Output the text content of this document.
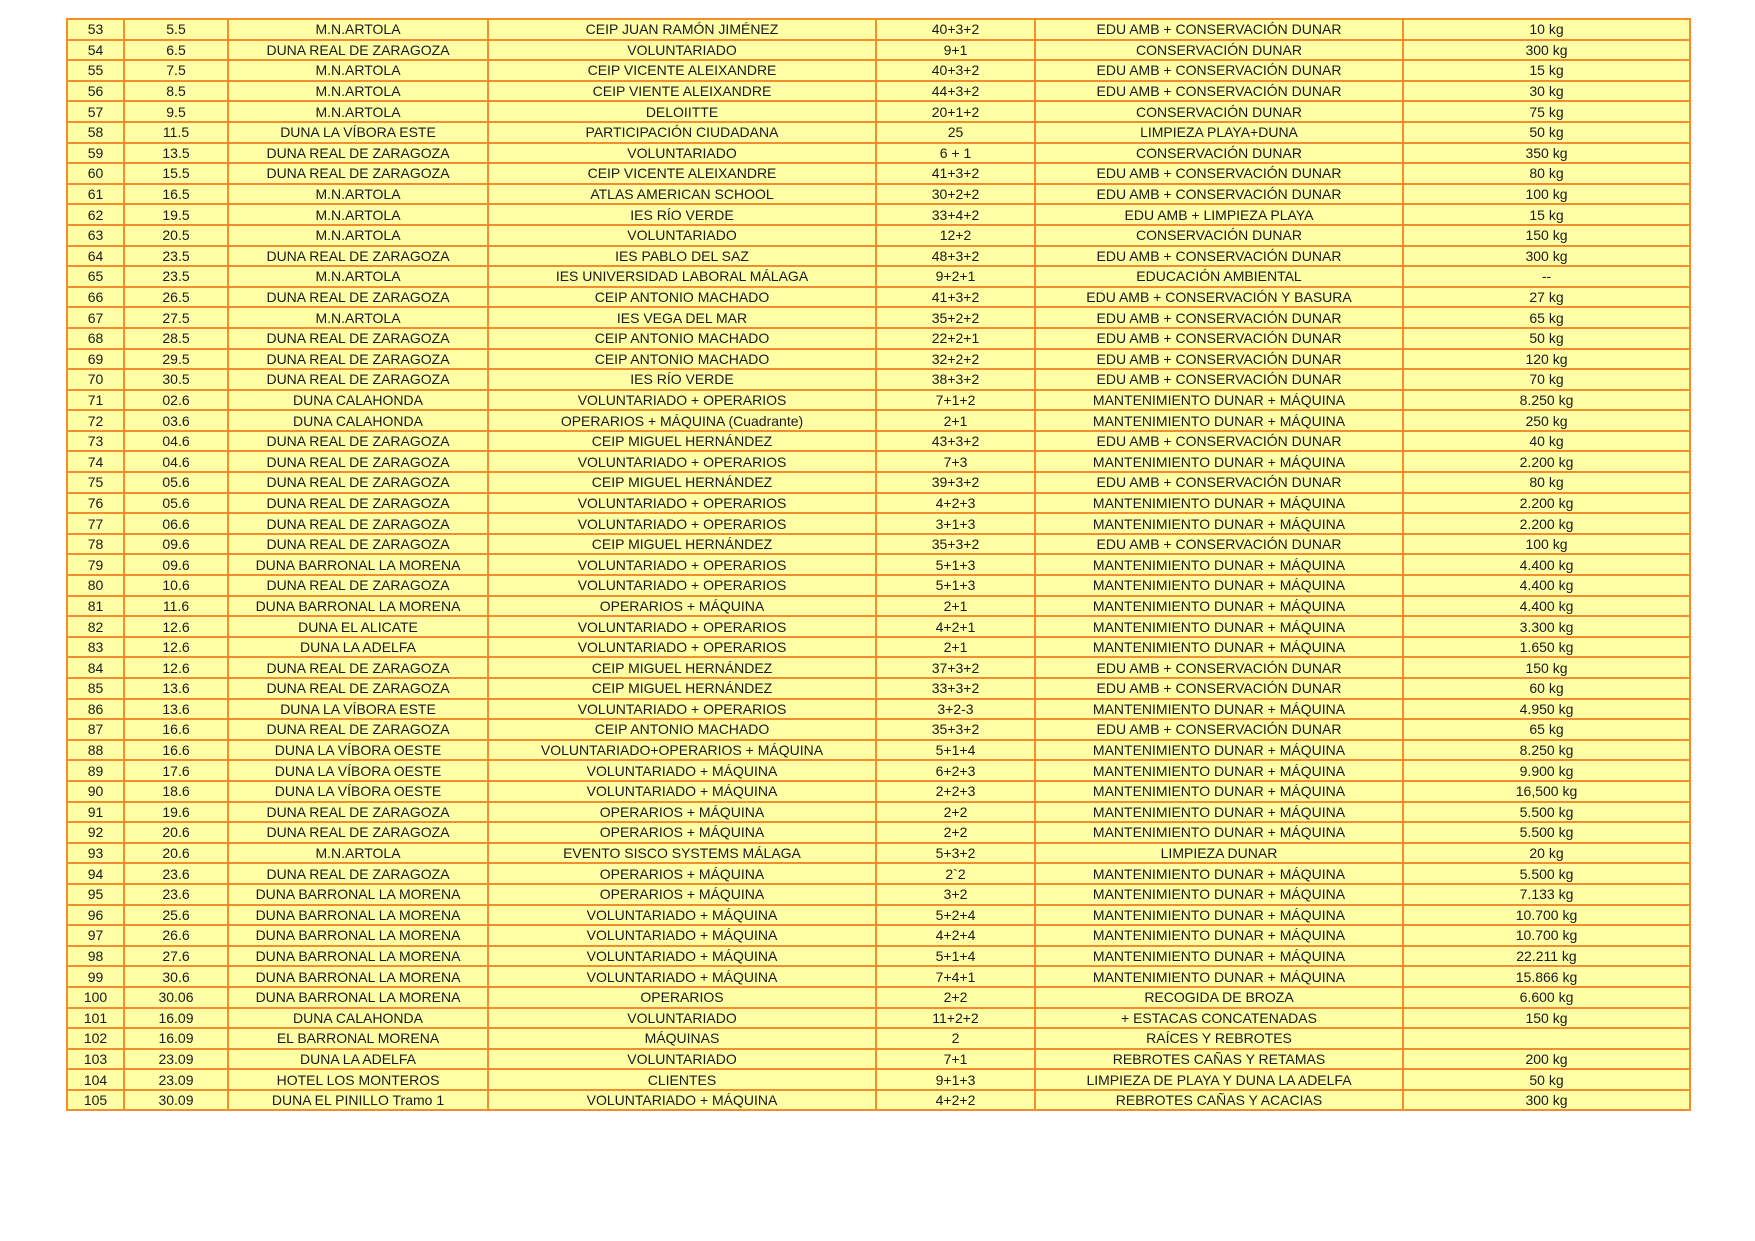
53	5.5	M.N.ARTOLA	CEIP JUAN RAMÓN JIMÉNEZ	40+3+2	EDU AMB + CONSERVACIÓN DUNAR	10 kg
54	6.5	DUNA REAL DE ZARAGOZA	VOLUNTARIADO	9+1	CONSERVACIÓN DUNAR	300 kg
55	7.5	M.N.ARTOLA	CEIP VICENTE ALEIXANDRE	40+3+2	EDU AMB + CONSERVACIÓN DUNAR	15 kg
56	8.5	M.N.ARTOLA	CEIP VIENTE ALEIXANDRE	44+3+2	EDU AMB + CONSERVACIÓN DUNAR	30 kg
57	9.5	M.N.ARTOLA	DELOIITTE	20+1+2	CONSERVACIÓN DUNAR	75 kg
58	11.5	DUNA LA VÍBORA ESTE	PARTICIPACIÓN CIUDADANA	25	LIMPIEZA PLAYA+DUNA	50 kg
59	13.5	DUNA REAL DE ZARAGOZA	VOLUNTARIADO	6 + 1	CONSERVACIÓN DUNAR	350 kg
60	15.5	DUNA REAL DE ZARAGOZA	CEIP VICENTE ALEIXANDRE	41+3+2	EDU AMB + CONSERVACIÓN DUNAR	80 kg
61	16.5	M.N.ARTOLA	ATLAS AMERICAN SCHOOL	30+2+2	EDU AMB + CONSERVACIÓN DUNAR	100 kg
62	19.5	M.N.ARTOLA	IES RÍO VERDE	33+4+2	EDU AMB + LIMPIEZA PLAYA	15 kg
63	20.5	M.N.ARTOLA	VOLUNTARIADO	12+2	CONSERVACIÓN DUNAR	150 kg
64	23.5	DUNA REAL DE ZARAGOZA	IES PABLO DEL SAZ	48+3+2	EDU AMB + CONSERVACIÓN DUNAR	300 kg
65	23.5	M.N.ARTOLA	IES UNIVERSIDAD LABORAL MÁLAGA	9+2+1	EDUCACIÓN AMBIENTAL	--
66	26.5	DUNA REAL DE ZARAGOZA	CEIP ANTONIO MACHADO	41+3+2	EDU AMB + CONSERVACIÓN Y BASURA	27 kg
67	27.5	M.N.ARTOLA	IES VEGA DEL MAR	35+2+2	EDU AMB + CONSERVACIÓN DUNAR	65 kg
68	28.5	DUNA REAL DE ZARAGOZA	CEIP ANTONIO MACHADO	22+2+1	EDU AMB + CONSERVACIÓN DUNAR	50 kg
69	29.5	DUNA REAL DE ZARAGOZA	CEIP ANTONIO MACHADO	32+2+2	EDU AMB + CONSERVACIÓN DUNAR	120 kg
70	30.5	DUNA REAL DE ZARAGOZA	IES RÍO VERDE	38+3+2	EDU AMB + CONSERVACIÓN DUNAR	70 kg
71	02.6	DUNA CALAHONDA	VOLUNTARIADO + OPERARIOS	7+1+2	MANTENIMIENTO DUNAR + MÁQUINA	8.250 kg
72	03.6	DUNA CALAHONDA	OPERARIOS + MÁQUINA (Cuadrante)	2+1	MANTENIMIENTO DUNAR + MÁQUINA	250 kg
73	04.6	DUNA REAL DE ZARAGOZA	CEIP MIGUEL HERNÁNDEZ	43+3+2	EDU AMB + CONSERVACIÓN DUNAR	40 kg
74	04.6	DUNA REAL DE ZARAGOZA	VOLUNTARIADO + OPERARIOS	7+3	MANTENIMIENTO DUNAR + MÁQUINA	2.200 kg
75	05.6	DUNA REAL DE ZARAGOZA	CEIP MIGUEL HERNÁNDEZ	39+3+2	EDU AMB + CONSERVACIÓN DUNAR	80 kg
76	05.6	DUNA REAL DE ZARAGOZA	VOLUNTARIADO + OPERARIOS	4+2+3	MANTENIMIENTO DUNAR + MÁQUINA	2.200 kg
77	06.6	DUNA REAL DE ZARAGOZA	VOLUNTARIADO + OPERARIOS	3+1+3	MANTENIMIENTO DUNAR + MÁQUINA	2.200 kg
78	09.6	DUNA REAL DE ZARAGOZA	CEIP MIGUEL HERNÁNDEZ	35+3+2	EDU AMB + CONSERVACIÓN DUNAR	100 kg
79	09.6	DUNA BARRONAL LA MORENA	VOLUNTARIADO + OPERARIOS	5+1+3	MANTENIMIENTO DUNAR + MÁQUINA	4.400 kg
80	10.6	DUNA REAL DE ZARAGOZA	VOLUNTARIADO + OPERARIOS	5+1+3	MANTENIMIENTO DUNAR + MÁQUINA	4.400 kg
81	11.6	DUNA BARRONAL LA MORENA	OPERARIOS + MÁQUINA	2+1	MANTENIMIENTO DUNAR + MÁQUINA	4.400 kg
82	12.6	DUNA EL ALICATE	VOLUNTARIADO + OPERARIOS	4+2+1	MANTENIMIENTO DUNAR + MÁQUINA	3.300 kg
83	12.6	DUNA LA ADELFA	VOLUNTARIADO + OPERARIOS	2+1	MANTENIMIENTO DUNAR + MÁQUINA	1.650 kg
84	12.6	DUNA REAL DE ZARAGOZA	CEIP MIGUEL HERNÁNDEZ	37+3+2	EDU AMB + CONSERVACIÓN DUNAR	150 kg
85	13.6	DUNA REAL DE ZARAGOZA	CEIP MIGUEL HERNÁNDEZ	33+3+2	EDU AMB + CONSERVACIÓN DUNAR	60 kg
86	13.6	DUNA LA VÍBORA ESTE	VOLUNTARIADO + OPERARIOS	3+2-3	MANTENIMIENTO DUNAR + MÁQUINA	4.950 kg
87	16.6	DUNA REAL DE ZARAGOZA	CEIP ANTONIO MACHADO	35+3+2	EDU AMB + CONSERVACIÓN DUNAR	65 kg
88	16.6	DUNA LA VÍBORA OESTE	VOLUNTARIADO+OPERARIOS + MÁQUINA	5+1+4	MANTENIMIENTO DUNAR + MÁQUINA	8.250 kg
89	17.6	DUNA LA VÍBORA OESTE	VOLUNTARIADO + MÁQUINA	6+2+3	MANTENIMIENTO DUNAR + MÁQUINA	9.900 kg
90	18.6	DUNA LA VÍBORA OESTE	VOLUNTARIADO + MÁQUINA	2+2+3	MANTENIMIENTO DUNAR + MÁQUINA	16,500 kg
91	19.6	DUNA REAL DE ZARAGOZA	OPERARIOS + MÁQUINA	2+2	MANTENIMIENTO DUNAR + MÁQUINA	5.500 kg
92	20.6	DUNA REAL DE ZARAGOZA	OPERARIOS + MÁQUINA	2+2	MANTENIMIENTO DUNAR + MÁQUINA	5.500 kg
93	20.6	M.N.ARTOLA	EVENTO SISCO SYSTEMS MÁLAGA	5+3+2	LIMPIEZA DUNAR	20 kg
94	23.6	DUNA REAL DE ZARAGOZA	OPERARIOS + MÁQUINA	2`2	MANTENIMIENTO DUNAR + MÁQUINA	5.500 kg
95	23.6	DUNA BARRONAL LA MORENA	OPERARIOS + MÁQUINA	3+2	MANTENIMIENTO DUNAR + MÁQUINA	7.133 kg
96	25.6	DUNA BARRONAL LA MORENA	VOLUNTARIADO + MÁQUINA	5+2+4	MANTENIMIENTO DUNAR + MÁQUINA	10.700 kg
97	26.6	DUNA BARRONAL LA MORENA	VOLUNTARIADO + MÁQUINA	4+2+4	MANTENIMIENTO DUNAR + MÁQUINA	10.700 kg
98	27.6	DUNA BARRONAL LA MORENA	VOLUNTARIADO + MÁQUINA	5+1+4	MANTENIMIENTO DUNAR + MÁQUINA	22.211 kg
99	30.6	DUNA BARRONAL LA MORENA	VOLUNTARIADO + MÁQUINA	7+4+1	MANTENIMIENTO DUNAR + MÁQUINA	15.866 kg
100	30.06	DUNA BARRONAL LA MORENA	OPERARIOS	2+2	RECOGIDA DE BROZA	6.600 kg
101	16.09	DUNA CALAHONDA	VOLUNTARIADO	11+2+2	+ ESTACAS CONCATENADAS	150 kg
102	16.09	EL BARRONAL MORENA	MÁQUINAS	2	RAÍCES Y REBROTES	
103	23.09	DUNA LA ADELFA	VOLUNTARIADO	7+1	REBROTES CAÑAS Y RETAMAS	200 kg
104	23.09	HOTEL LOS MONTEROS	CLIENTES	9+1+3	LIMPIEZA DE PLAYA Y DUNA LA ADELFA	50 kg
105	30.09	DUNA EL PINILLO Tramo 1	VOLUNTARIADO + MÁQUINA	4+2+2	REBROTES CAÑAS Y ACACIAS	300 kg
